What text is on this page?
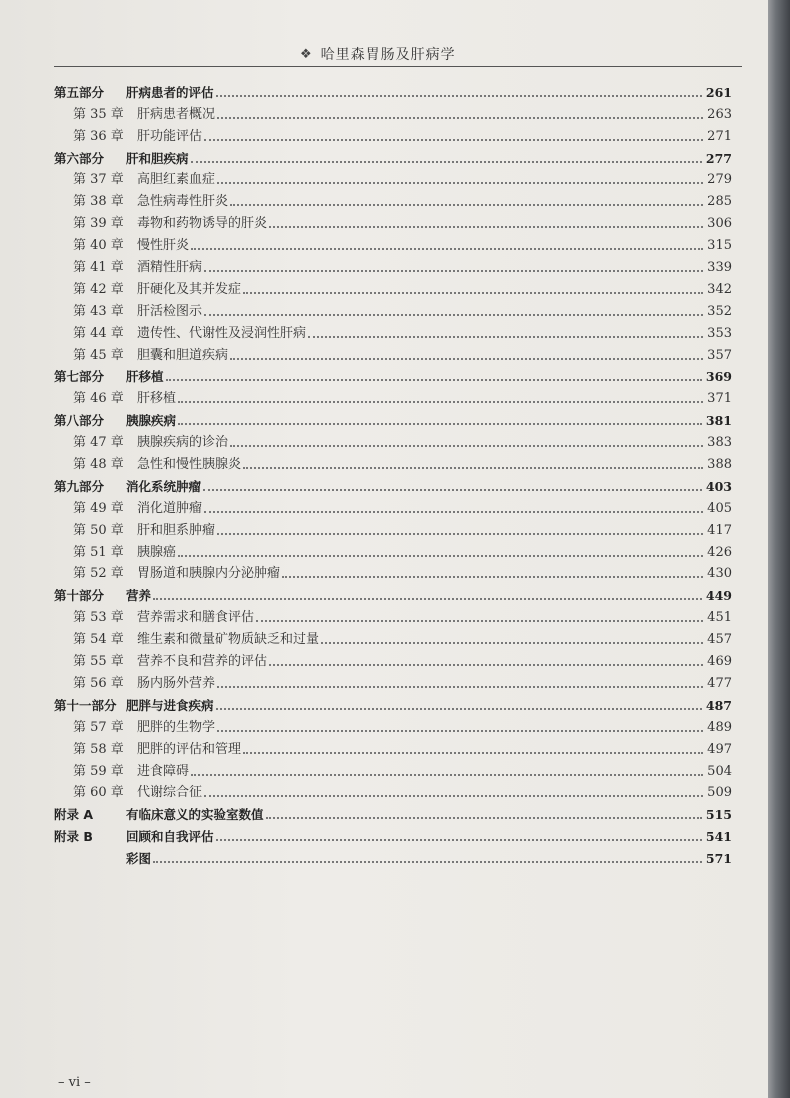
❖ 哈里森胃肠及肝病学
第五部分 肝病患者的评估	261
第 35 章 肝病患者概况	263
第 36 章 肝功能评估	271
第六部分 肝和胆疾病	277
第 37 章 高胆红素血症	279
第 38 章 急性病毒性肝炎	285
第 39 章 毒物和药物诱导的肝炎	306
第 40 章 慢性肝炎	315
第 41 章 酒精性肝病	339
第 42 章 肝硬化及其并发症	342
第 43 章 肝活检图示	352
第 44 章 遗传性、代谢性及浸润性肝病	353
第 45 章 胆囊和胆道疾病	357
第七部分 肝移植	369
第 46 章 肝移植	371
第八部分 胰腺疾病	381
第 47 章 胰腺疾病的诊治	383
第 48 章 急性和慢性胰腺炎	388
第九部分 消化系统肿瘤	403
第 49 章 消化道肿瘤	405
第 50 章 肝和胆系肿瘤	417
第 51 章 胰腺癌	426
第 52 章 胃肠道和胰腺内分泌肿瘤	430
第十部分 营养	449
第 53 章 营养需求和膳食评估	451
第 54 章 维生素和微量矿物质缺乏和过量	457
第 55 章 营养不良和营养的评估	469
第 56 章 肠内肠外营养	477
第十一部分 肥胖与进食疾病	487
第 57 章 肥胖的生物学	489
第 58 章 肥胖的评估和管理	497
第 59 章 进食障碍	504
第 60 章 代谢综合征	509
附录 A	有临床意义的实验室数值	515
附录 B	回顾和自我评估	541
彩图	571
– vi –
